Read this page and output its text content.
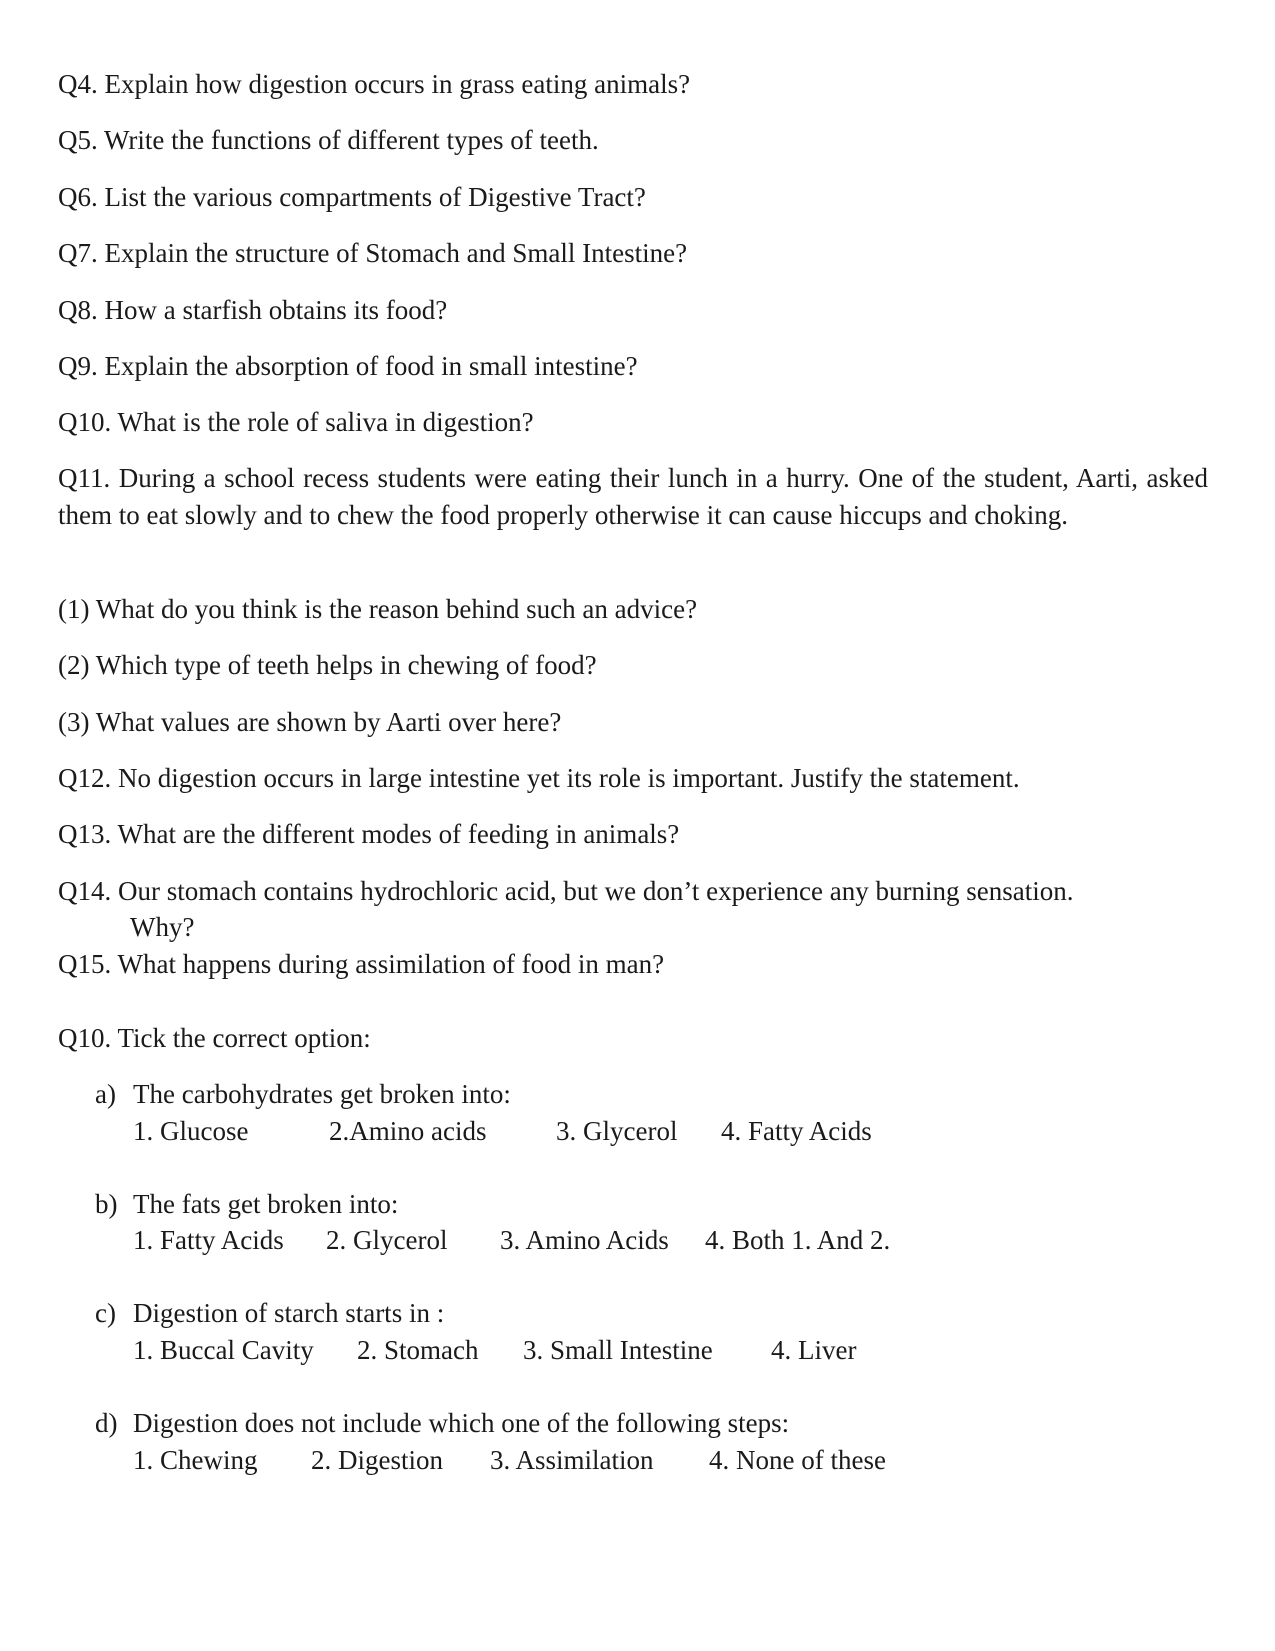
Q4. Explain how digestion occurs in grass eating animals?
Q5. Write the functions of different types of teeth.
Q6. List the various compartments of Digestive Tract?
Q7. Explain the structure of Stomach and Small Intestine?
Q8. How a starfish obtains its food?
Q9. Explain the absorption of food in small intestine?
Q10. What is the role of saliva in digestion?
Q11. During a school recess students were eating their lunch in a hurry. One of the student, Aarti, asked them to eat slowly and to chew the food properly otherwise it can cause hiccups and choking.
(1) What do you think is the reason behind such an advice?
(2) Which type of teeth helps in chewing of food?
(3) What values are shown by Aarti over here?
Q12. No digestion occurs in large intestine yet its role is important. Justify the statement.
Q13. What are the different modes of feeding in animals?
Q14. Our stomach contains hydrochloric acid, but we don’t experience any burning sensation.
Why?
Q15. What happens during assimilation of food in man?
Q10. Tick the correct option:
a) The carbohydrates get broken into:
1. Glucose	2.Amino acids	3. Glycerol 4. Fatty Acids
b) The fats get broken into:
1. Fatty Acids 2. Glycerol 3. Amino Acids 4. Both 1. And 2.
c) Digestion of starch starts in :
1. Buccal Cavity 2. Stomach 3. Small Intestine 4. Liver
d) Digestion does not include which one of the following steps:
1. Chewing 2. Digestion 3. Assimilation 4. None of these
